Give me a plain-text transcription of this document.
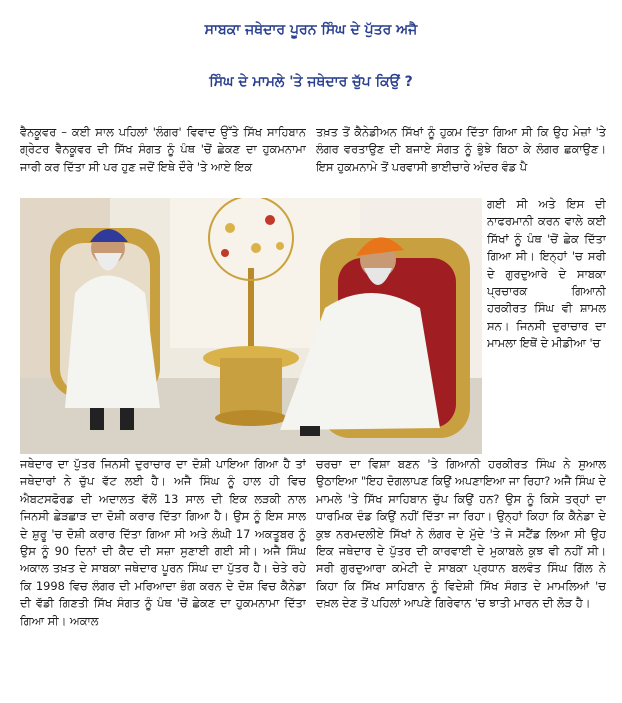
ਸਾਬਕਾ ਜਥੇਦਾਰ ਪੂਰਨ ਸਿੰਘ ਦੇ ਪੁੱਤਰ ਅਜੈ
ਸਿੰਘ ਦੇ ਮਾਮਲੇ 'ਤੇ ਜਥੇਦਾਰ ਚੁੱਪ ਕਿਉਂ ?

ਵੈਨਕੂਵਰ – ਕਈ ਸਾਲ ਪਹਿਲਾਂ 'ਲੰਗਰ' ਵਿਵਾਦ ਉੱਤੇ ਸਿੱਖ ਸਾਹਿਬਾਨ ਗ੍ਰੇਟਰ ਵੈਨਕੂਵਰ ਦੀ ਸਿੱਖ ਸੰਗਤ ਨੂੰ ਪੰਥ 'ਚੋਂ ਛੇਕਣ ਦਾ ਹੁਕਮਨਾਮਾ ਜਾਰੀ ਕਰ ਦਿੱਤਾ ਸੀ ਪਰ ਹੁਣ ਜਦੋਂ ਇਥੇ ਦੌਰੇ 'ਤੇ ਆਏ ਇਕ

ਤਖ਼ਤ ਤੋਂ ਕੈਨੇਡੀਅਨ ਸਿੱਖਾਂ ਨੂੰ ਹੁਕਮ ਦਿੱਤਾ ਗਿਆ ਸੀ ਕਿ ਉਹ ਮੇਜ਼ਾਂ 'ਤੇ ਲੰਗਰ ਵਰਤਾਉਣ ਦੀ ਬਜਾਏ ਸੰਗਤ ਨੂੰ ਭੁੰਝੇ ਬਿਠਾ ਕੇ ਲੰਗਰ ਛਕਾਉਣ। ਇਸ ਹੁਕਮਨਾਮੇ ਤੋਂ ਪਰਵਾਸੀ ਭਾਈਚਾਰੇ ਅੰਦਰ ਵੰਡ ਪੈ

ਗਈ ਸੀ ਅਤੇ ਇਸ ਦੀ ਨਾਫਰਮਾਨੀ ਕਰਨ ਵਾਲੇ ਕਈ ਸਿੱਖਾਂ ਨੂੰ ਪੰਥ 'ਚੋਂ ਛੇਕ ਦਿੱਤਾ ਗਿਆ ਸੀ। ਇਨ੍ਹਾਂ 'ਚ ਸਰੀ ਦੇ ਗੁਰਦੁਆਰੇ ਦੇ ਸਾਬਕਾ ਪ੍ਰਚਾਰਕ ਗਿਆਨੀ ਹਰਕੀਰਤ ਸਿੰਘ ਵੀ ਸ਼ਾਮਲ ਸਨ। ਜਿਨਸੀ ਦੁਰਾਚਾਰ ਦਾ ਮਾਮਲਾ ਇਥੋਂ ਦੇ ਮੀਡੀਆ 'ਚ

ਜਥੇਦਾਰ ਦਾ ਪੁੱਤਰ ਜਿਨਸੀ ਦੁਰਾਚਾਰ ਦਾ ਦੋਸ਼ੀ ਪਾਇਆ ਗਿਆ ਹੈ ਤਾਂ ਜਥੇਦਾਰਾਂ ਨੇ ਚੁੱਪ ਵੱਟ ਲਈ ਹੈ। ਅਜੈ ਸਿੰਘ ਨੂੰ ਹਾਲ ਹੀ ਵਿਚ ਐਬਟਸਫੋਰਡ ਦੀ ਅਦਾਲਤ ਵੱਲੋਂ 13 ਸਾਲ ਦੀ ਇਕ ਲੜਕੀ ਨਾਲ ਜਿਨਸੀ ਛੇੜਛਾੜ ਦਾ ਦੋਸ਼ੀ ਕਰਾਰ ਦਿੱਤਾ ਗਿਆ ਹੈ। ਉਸ ਨੂੰ ਇਸ ਸਾਲ ਦੇ ਸ਼ੁਰੂ 'ਚ ਦੋਸ਼ੀ ਕਰਾਰ ਦਿੱਤਾ ਗਿਆ ਸੀ ਅਤੇ ਲੰਘੀ 17 ਅਕਤੂਬਰ ਨੂੰ ਉਸ ਨੂੰ 90 ਦਿਨਾਂ ਦੀ ਕੈਦ ਦੀ ਸਜ਼ਾ ਸੁਣਾਈ ਗਈ ਸੀ। ਅਜੈ ਸਿੰਘ ਅਕਾਲ ਤਖ਼ਤ ਦੇ ਸਾਬਕਾ ਜਥੇਦਾਰ ਪੂਰਨ ਸਿੰਘ ਦਾ ਪੁੱਤਰ ਹੈ। ਚੇਤੇ ਰਹੇ ਕਿ 1998 ਵਿਚ ਲੰਗਰ ਦੀ ਮਰਿਆਦਾ ਭੰਗ ਕਰਨ ਦੇ ਦੋਸ਼ ਵਿਚ ਕੈਨੇਡਾ ਦੀ ਵੱਡੀ ਗਿਣਤੀ ਸਿੱਖ ਸੰਗਤ ਨੂੰ ਪੰਥ 'ਚੋਂ ਛੇਕਣ ਦਾ ਹੁਕਮਨਾਮਾ ਦਿੱਤਾ ਗਿਆ ਸੀ। ਅਕਾਲ

ਚਰਚਾ ਦਾ ਵਿਸ਼ਾ ਬਣਨ 'ਤੇ ਗਿਆਨੀ ਹਰਕੀਰਤ ਸਿੰਘ ਨੇ ਸੁਆਲ ਉਠਾਇਆ "ਇਹ ਦੋਗਲਾਪਣ ਕਿਉਂ ਅਪਣਾਇਆ ਜਾ ਰਿਹਾ? ਅਜੈ ਸਿੰਘ ਦੇ ਮਾਮਲੇ 'ਤੇ ਸਿੱਖ ਸਾਹਿਬਾਨ ਚੁੱਪ ਕਿਉਂ ਹਨ? ਉਸ ਨੂੰ ਕਿਸੇ ਤਰ੍ਹਾਂ ਦਾ ਧਾਰਮਿਕ ਦੰਡ ਕਿਉਂ ਨਹੀਂ ਦਿੱਤਾ ਜਾ ਰਿਹਾ। ਉਨ੍ਹਾਂ ਕਿਹਾ ਕਿ ਕੈਨੇਡਾ ਦੇ ਕੁਝ ਨਰਮਦਲੀਏ ਸਿੱਖਾਂ ਨੇ ਲੰਗਰ ਦੇ ਮੁੱਦੇ 'ਤੇ ਜੋ ਸਟੈਂਡ ਲਿਆ ਸੀ ਉਹ ਇਕ ਜਥੇਦਾਰ ਦੇ ਪੁੱਤਰ ਦੀ ਕਾਰਵਾਈ ਦੇ ਮੁਕਾਬਲੇ ਕੁਝ ਵੀ ਨਹੀਂ ਸੀ। ਸਰੀ ਗੁਰਦੁਆਰਾ ਕਮੇਟੀ ਦੇ ਸਾਬਕਾ ਪ੍ਰਧਾਨ ਬਲਵੰਤ ਸਿੰਘ ਗਿੱਲ ਨੇ ਕਿਹਾ ਕਿ ਸਿੱਖ ਸਾਹਿਬਾਨ ਨੂੰ ਵਿਦੇਸ਼ੀ ਸਿੱਖ ਸੰਗਤ ਦੇ ਮਾਮਲਿਆਂ 'ਚ ਦਖ਼ਲ ਦੇਣ ਤੋਂ ਪਹਿਲਾਂ ਆਪਣੇ ਗਿਰੇਵਾਨ 'ਚ ਝਾਤੀ ਮਾਰਨ ਦੀ ਲੋੜ ਹੈ।
